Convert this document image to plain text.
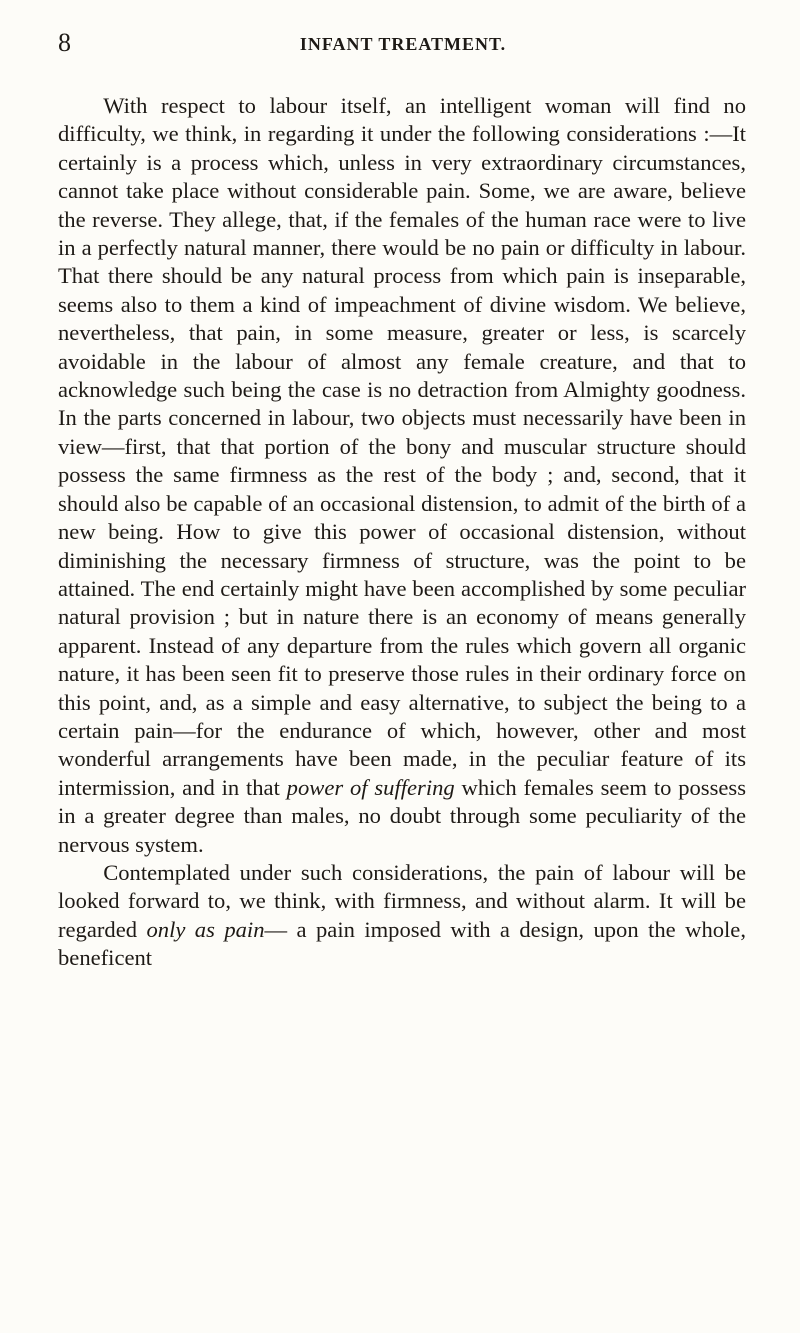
8	INFANT TREATMENT.

With respect to labour itself, an intelligent woman will find no difficulty, we think, in regarding it under the following considerations :—It certainly is a process which, unless in very extraordinary circumstances, cannot take place without considerable pain. Some, we are aware, believe the reverse. They allege, that, if the females of the human race were to live in a perfectly natural manner, there would be no pain or difficulty in labour. That there should be any natural process from which pain is inseparable, seems also to them a kind of impeachment of divine wisdom. We believe, nevertheless, that pain, in some measure, greater or less, is scarcely avoidable in the labour of almost any female creature, and that to acknowledge such being the case is no detraction from Almighty goodness. In the parts concerned in labour, two objects must necessarily have been in view—first, that that portion of the bony and muscular structure should possess the same firmness as the rest of the body ; and, second, that it should also be capable of an occasional distension, to admit of the birth of a new being. How to give this power of occasional distension, without diminishing the necessary firmness of structure, was the point to be attained. The end certainly might have been accomplished by some peculiar natural provision ; but in nature there is an economy of means generally apparent. Instead of any departure from the rules which govern all organic nature, it has been seen fit to preserve those rules in their ordinary force on this point, and, as a simple and easy alternative, to subject the being to a certain pain—for the endurance of which, however, other and most wonderful arrangements have been made, in the peculiar feature of its intermission, and in that power of suffering which females seem to possess in a greater degree than males, no doubt through some peculiarity of the nervous system.

Contemplated under such considerations, the pain of labour will be looked forward to, we think, with firmness, and without alarm. It will be regarded only as pain— a pain imposed with a design, upon the whole, beneficent
